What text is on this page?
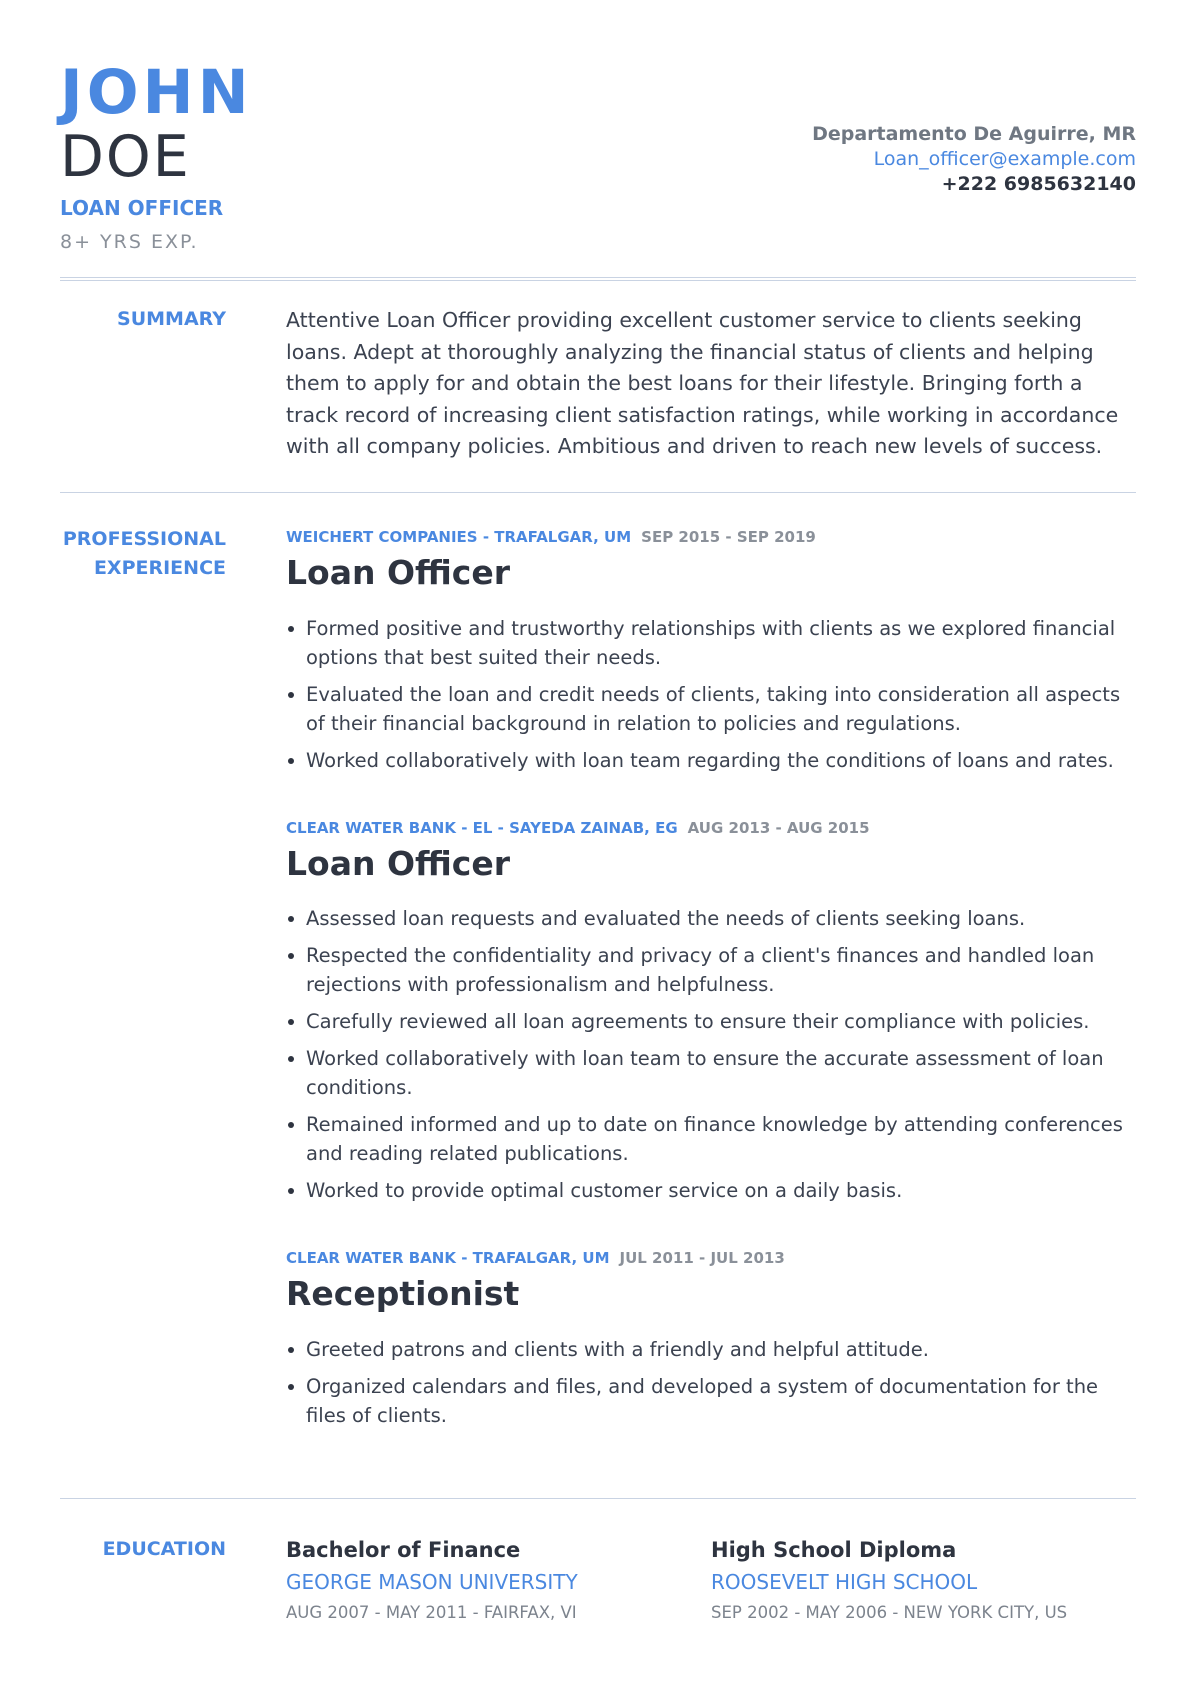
JOHN
DOE
LOAN OFFICER
8+ YRS EXP.
Departamento De Aguirre, MR
Loan_officer@example.com
+222 6985632140
SUMMARY	Attentive Loan Officer providing excellent customer service to clients seeking loans. Adept at thoroughly analyzing the financial status of clients and helping them to apply for and obtain the best loans for their lifestyle. Bringing forth a track record of increasing client satisfaction ratings, while working in accordance with all company policies. Ambitious and driven to reach new levels of success.

PROFESSIONAL
EXPERIENCE
WEICHERT COMPANIES - TRAFALGAR, UM SEP 2015 - SEP 2019
Loan Officer
Formed positive and trustworthy relationships with clients as we explored financial options that best suited their needs.
Evaluated the loan and credit needs of clients, taking into consideration all aspects of their financial background in relation to policies and regulations.
Worked collaboratively with loan team regarding the conditions of loans and rates.
CLEAR WATER BANK - EL - SAYEDA ZAINAB, EG AUG 2013 - AUG 2015
Loan Officer
Assessed loan requests and evaluated the needs of clients seeking loans.
Respected the confidentiality and privacy of a client's finances and handled loan rejections with professionalism and helpfulness.
Carefully reviewed all loan agreements to ensure their compliance with policies.
Worked collaboratively with loan team to ensure the accurate assessment of loan conditions.
Remained informed and up to date on finance knowledge by attending conferences and reading related publications.
Worked to provide optimal customer service on a daily basis.
CLEAR WATER BANK - TRAFALGAR, UM JUL 2011 - JUL 2013
Receptionist
Greeted patrons and clients with a friendly and helpful attitude.
Organized calendars and files, and developed a system of documentation for the files of clients.
EDUCATION	Bachelor of Finance
GEORGE MASON UNIVERSITY
AUG 2007 - MAY 2011 - FAIRFAX, VI
High School Diploma
ROOSEVELT HIGH SCHOOL
SEP 2002 - MAY 2006 - NEW YORK CITY, US
